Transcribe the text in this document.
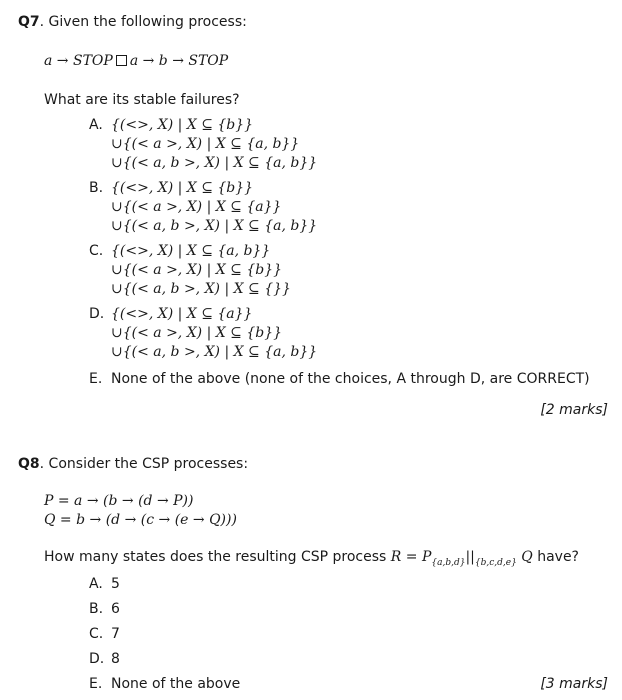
Q7. Given the following process:
a → STOP a → b → STOP
What are its stable failures?
A. {(<>, X) | X ⊆ {b}}
∪{(< a >, X) | X ⊆ {a, b}}
∪{(< a, b >, X) | X ⊆ {a, b}}
B. {(<>, X) | X ⊆ {b}}
∪{(< a >, X) | X ⊆ {a}}
∪{(< a, b >, X) | X ⊆ {a, b}}
C. {(<>, X) | X ⊆ {a, b}}
∪{(< a >, X) | X ⊆ {b}}
∪{(< a, b >, X) | X ⊆ {}}
D. {(<>, X) | X ⊆ {a}}
∪{(< a >, X) | X ⊆ {b}}
∪{(< a, b >, X) | X ⊆ {a, b}}
E. None of the above (none of the choices, A through D, are CORRECT)
[2 marks]
Q8. Consider the CSP processes:
P = a → (b → (d → P))
Q = b → (d → (c → (e → Q)))
How many states does the resulting CSP process $R = P_{\{a,b,d\}}||_{\{b,c,d,e\}}$ Q have?
A. 5
B. 6
C. 7
D. 8
E. None of the above	[3 marks]
